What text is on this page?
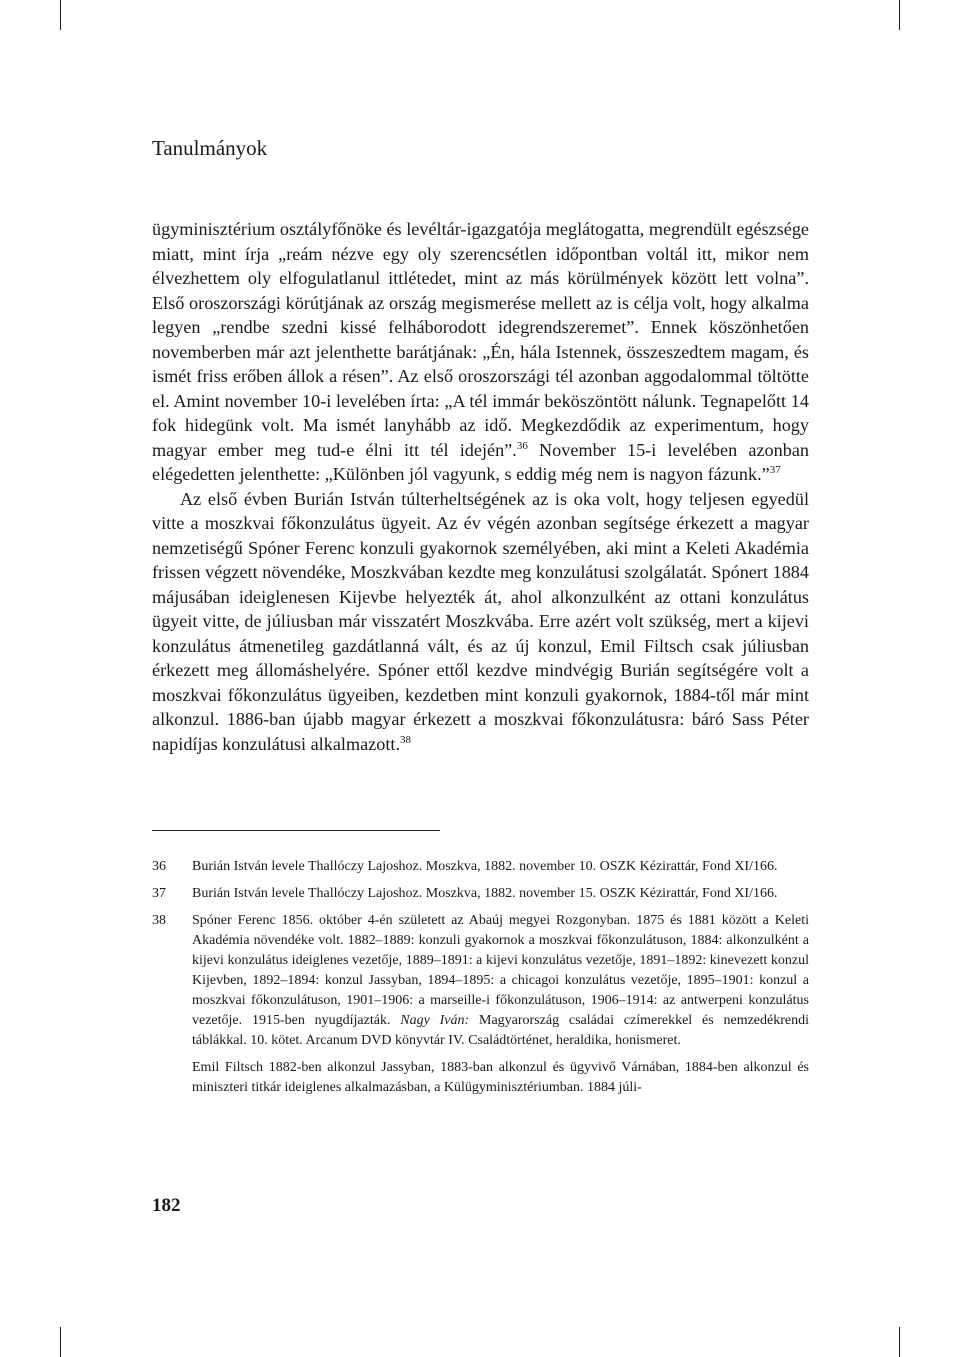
Tanulmányok

ügyminisztérium osztályfőnöke és levéltár-igazgatója meglátogatta, megrendült egészsége miatt, mint írja „reám nézve egy oly szerencsétlen időpontban voltál itt, mikor nem élvezhettem oly elfogulatlanul ittlétedet, mint az más körülmények között lett volna”. Első oroszországi körútjának az ország megismerése mellett az is célja volt, hogy alkalma legyen „rendbe szedni kissé felháborodott idegrendszeremet”. Ennek köszönhetően novemberben már azt jelenthette barátjának: „Én, hála Istennek, összeszedtem magam, és ismét friss erőben állok a résen”. Az első oroszországi tél azonban aggodalommal töltötte el. Amint november 10-i levelében írta: „A tél immár beköszöntött nálunk. Tegnapelőtt 14 fok hidegünk volt. Ma ismét lanyhább az idő. Megkezdődik az experimentum, hogy magyar ember meg tud-e élni itt tél idején”.$^{36}$ November 15-i levelében azonban elégedetten jelenthette: „Különben jól vagyunk, s eddig még nem is nagyon fázunk.”$^{37}$

Az első évben Burián István túlterheltségének az is oka volt, hogy teljesen egyedül vitte a moszkvai főkonzulátus ügyeit. Az év végén azonban segítsége érkezett a magyar nemzetiségű Spóner Ferenc konzuli gyakornok személyében, aki mint a Keleti Akadémia frissen végzett növendéke, Moszkvában kezdte meg konzulátusi szolgálatát. Spónert 1884 májusában ideiglenesen Kijevbe helyezték át, ahol alkonzulként az ottani konzulátus ügyeit vitte, de júliusban már visszatért Moszkvába. Erre azért volt szükség, mert a kijevi konzulátus átmenetileg gazdátlanná vált, és az új konzul, Emil Filtsch csak júliusban érkezett meg állomáshelyére. Spóner ettől kezdve mindvégig Burián segítségére volt a moszkvai főkonzulátus ügyeiben, kezdetben mint konzuli gyakornok, 1884-től már mint alkonzul. 1886-ban újabb magyar érkezett a moszkvai főkonzulátusra: báró Sass Péter napidíjas konzulátusi alkalmazott.$^{38}$

36 Burián István levele Thallóczy Lajoshoz. Moszkva, 1882. november 10. OSZK Kézirattár, Fond XI/166.

37 Burián István levele Thallóczy Lajoshoz. Moszkva, 1882. november 15. OSZK Kézirattár, Fond XI/166.

38 Spóner Ferenc 1856. október 4-én született az Abaúj megyei Rozgonyban. 1875 és 1881 között a Keleti Akadémia növendéke volt. 1882–1889: konzuli gyakornok a moszkvai főkonzulátuson, 1884: alkonzulként a kijevi konzulátus ideiglenes vezetője, 1889–1891: a kijevi konzulátus vezetője, 1891–1892: kinevezett konzul Kijevben, 1892–1894: konzul Jassyban, 1894–1895: a chicagoi konzulátus vezetője, 1895–1901: konzul a moszkvai főkonzulátuson, 1901–1906: a marseille-i főkonzulátuson, 1906–1914: az antwerpeni konzulátus vezetője. 1915-ben nyugdíjazták. Nagy Iván: Magyarország családai czímerekkel és nemzedékrendi táblákkal. 10. kötet. Arcanum DVD könyvtár IV. Családtörténet, heraldika, honismeret.

Emil Filtsch 1882-ben alkonzul Jassyban, 1883-ban alkonzul és ügyvivő Várnában, 1884-ben alkonzul és miniszteri titkár ideiglenes alkalmazásban, a Külügyminisztériumban. 1884 júli-

182
